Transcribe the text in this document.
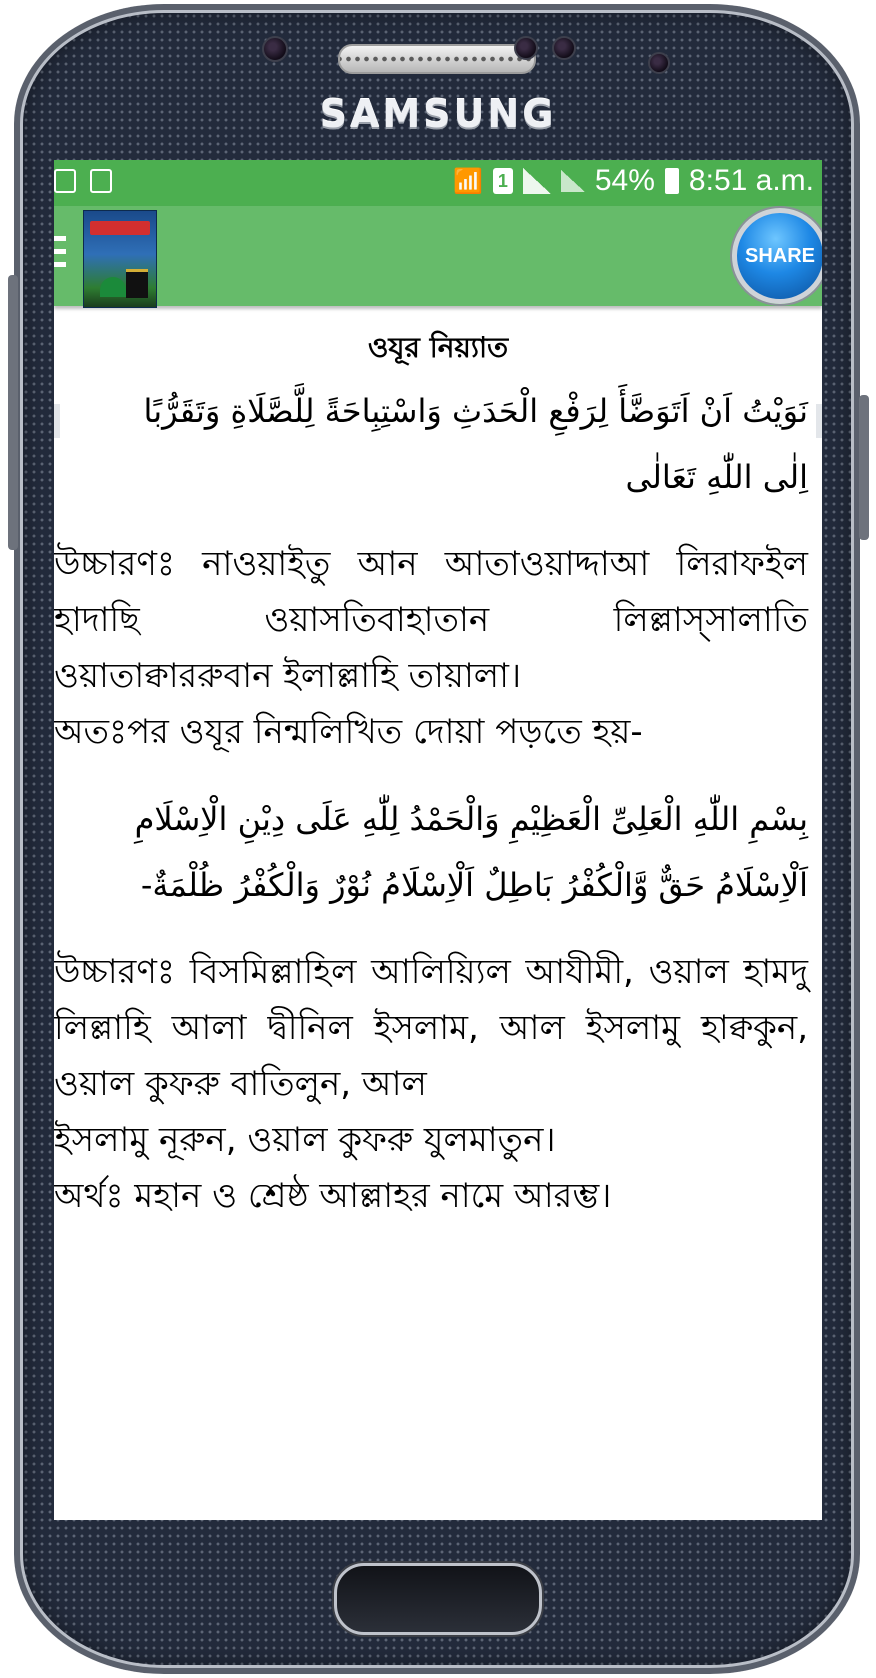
SAMSUNG
📶 1	54% 8:51 a.m.
SHARE
ওযূর নিয়্যাত
نَوَيْتُ اَنْ اَتَوَضَّأَ لِرَفْعِ الْحَدَثِ وَاسْتِبِاحَةً لِلَّصَّلَاةِ وَتَقَرُّبًا اِلٰى اللّٰهِ تَعَالٰى
উচ্চারণঃ নাওয়াইতু আন আতাওয়াদ্দাআ লিরাফইল হাদাছি ওয়াসতিবাহাতান লিল্লাস্সালাতি ওয়াতাক্বাররুবান ইলাল্লাহি তায়ালা।
অতঃপর ওযূর নিন্মলিখিত দোয়া পড়তে হয়-
بِسْمِ اللّٰهِ الْعَلِىِّ الْعَظِيْمِ وَالْحَمْدُ لِلّٰهِ عَلَى دِيْنِ الْاِسْلَامِ اَلْاِسْلَامُ حَقٌّ وَّالْكُفْرُ بَاطِلٌ اَلْاِسْلَامُ نُوْرٌ وَالْكُفْرُ ظُلْمَةٌ-
উচ্চারণঃ বিসমিল্লাহিল আলিয়্যিল আযীমী, ওয়াল হামদু লিল্লাহি আলা দ্বীনিল ইসলাম, আল ইসলামু হাক্বকুন, ওয়াল কুফরু বাতিলুন, আল
ইসলামু নূরুন, ওয়াল কুফরু যুলমাতুন।
অর্থঃ মহান ও শ্রেষ্ঠ আল্লাহর নামে আরম্ভ।
